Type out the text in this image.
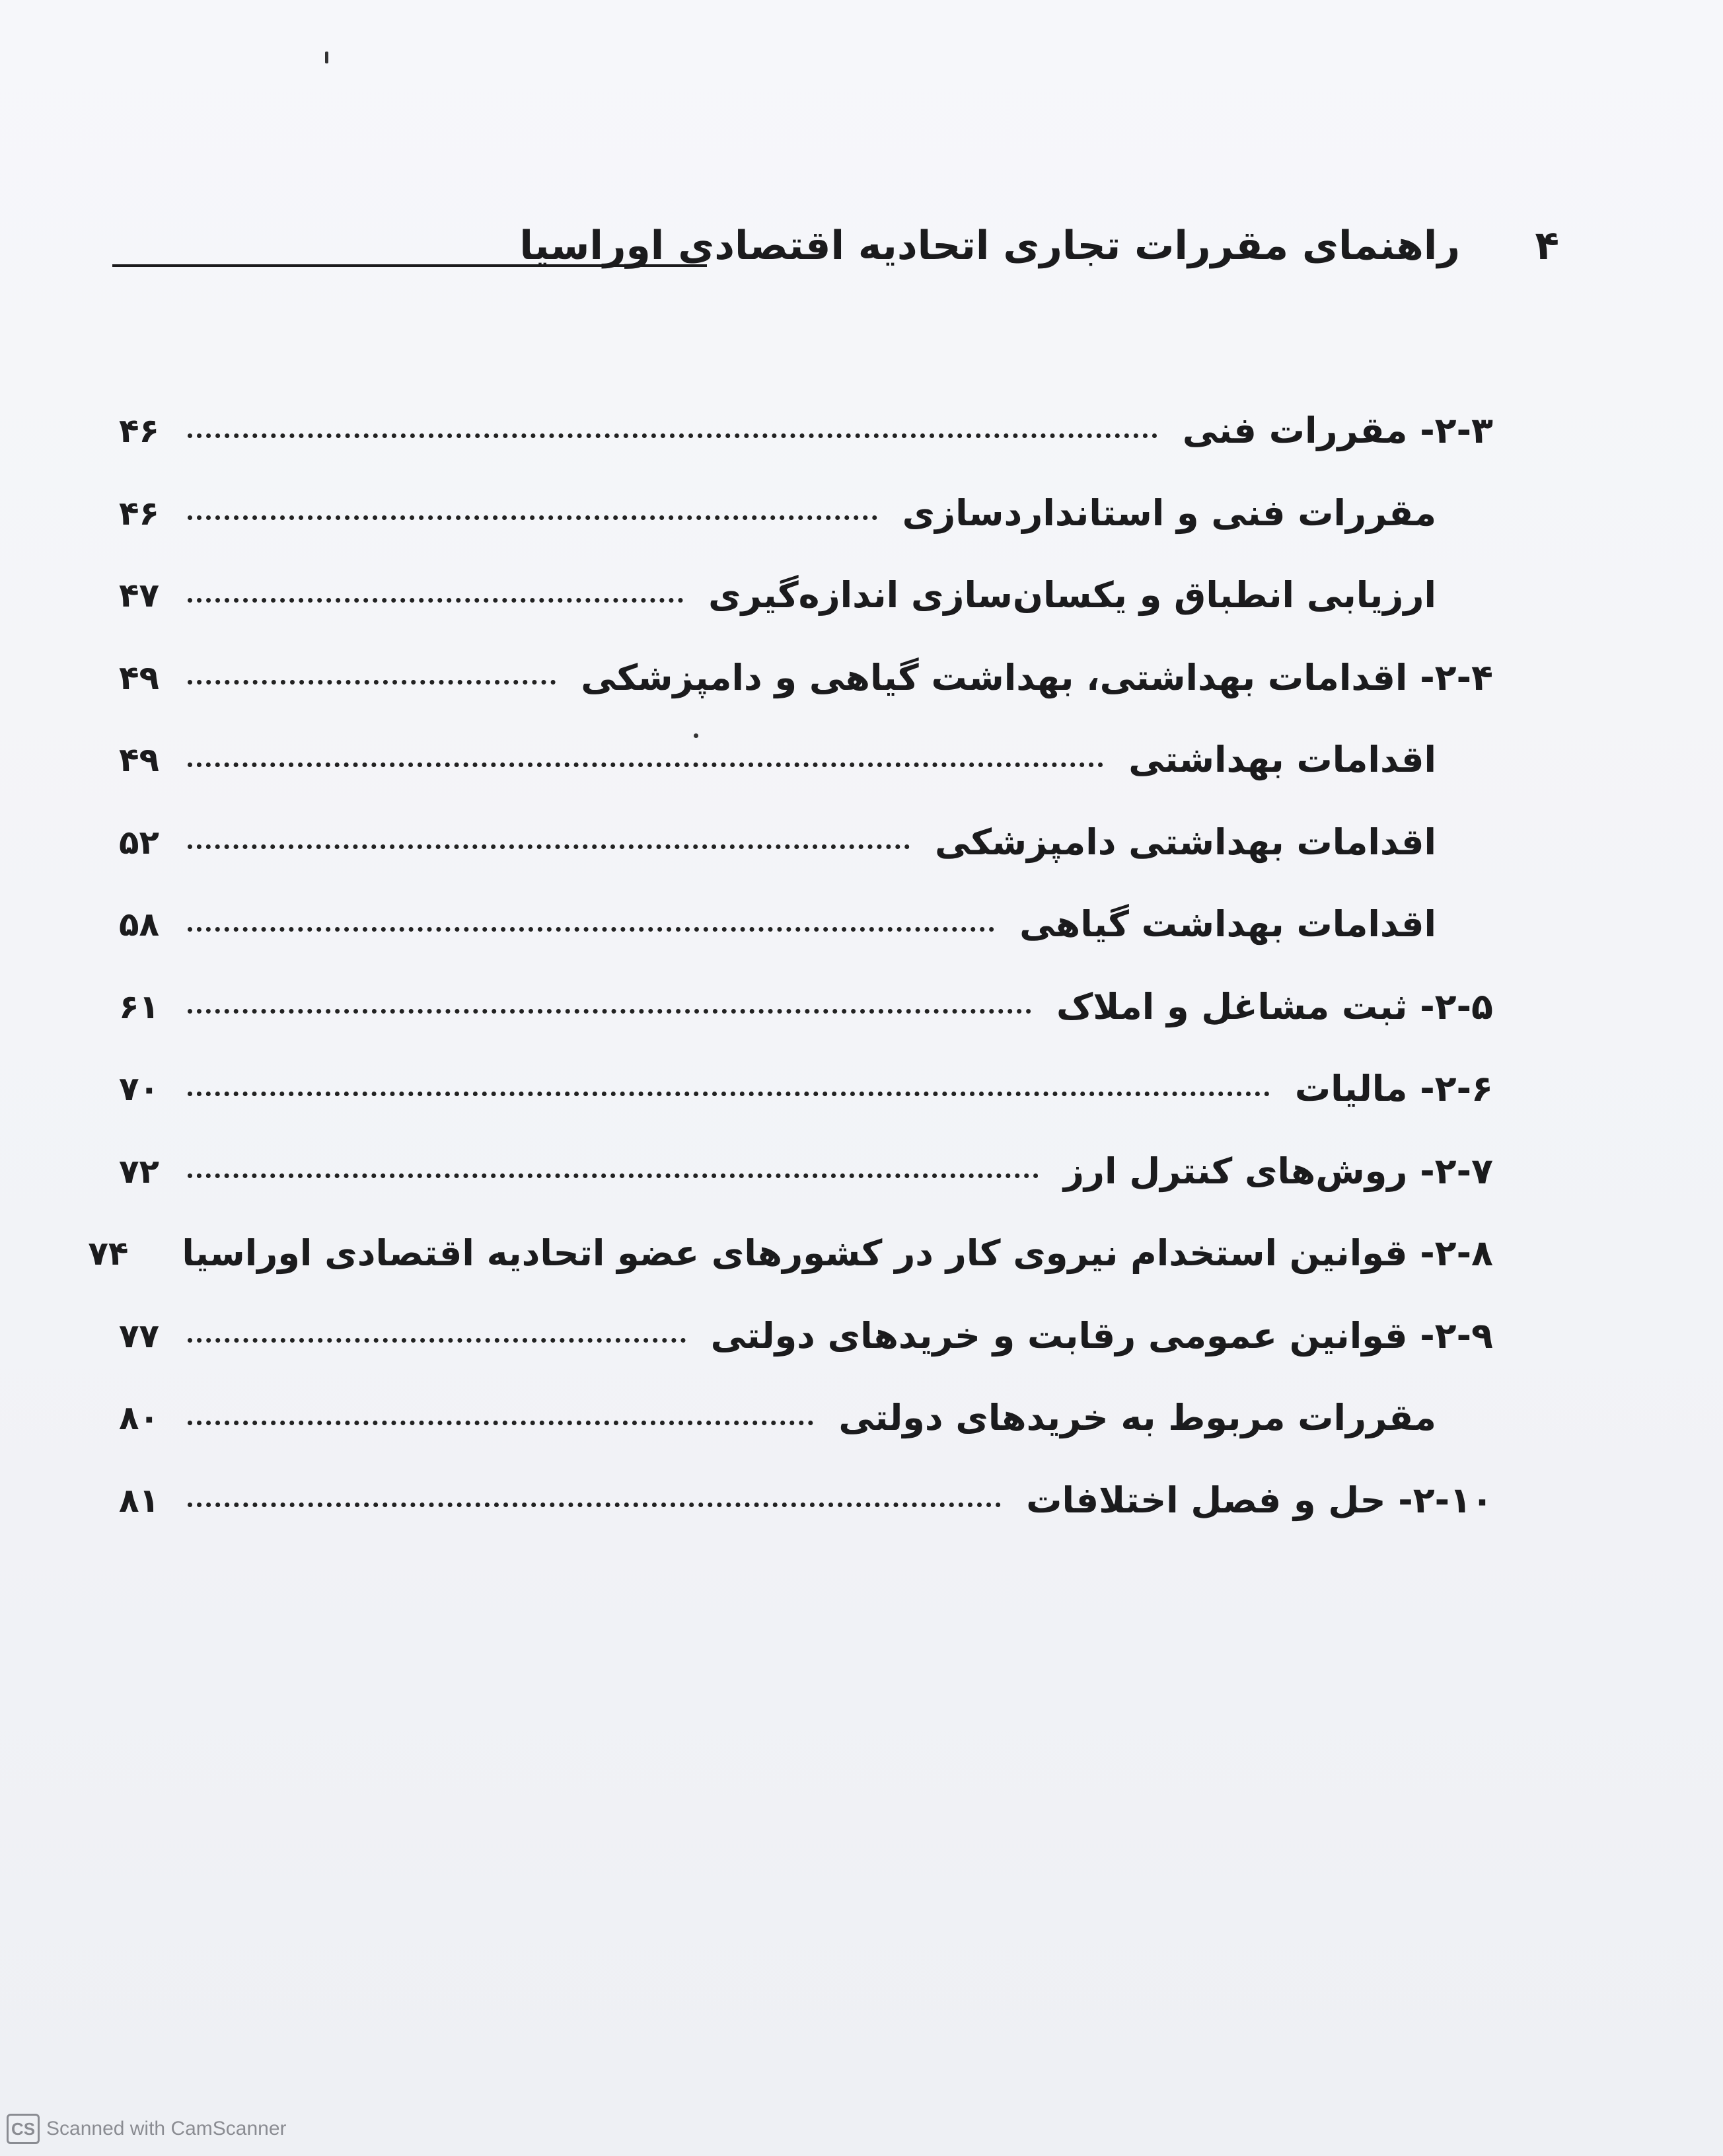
راهنمای مقررات تجاری اتحادیه اقتصادی اوراسیا ۴
۲-۳- مقررات فنی
۴۶
مقررات فنی و استانداردسازی
۴۶
ارزیابی انطباق و یکسان‌سازی اندازه‌گیری
۴۷
۲-۴- اقدامات بهداشتی، بهداشت گیاهی و دامپزشکی
۴۹
اقدامات بهداشتی
۴۹
اقدامات بهداشتی دامپزشکی
۵۲
اقدامات بهداشت گیاهی
۵۸
۲-۵- ثبت مشاغل و املاک
۶۱
۲-۶- مالیات
۷۰
۲-۷- روش‌های کنترل ارز
۷۲
۲-۸- قوانین استخدام نیروی کار در کشورهای عضو اتحادیه اقتصادی اوراسیا
۷۴
۲-۹- قوانین عمومی رقابت و خریدهای دولتی
۷۷
مقررات مربوط به خریدهای دولتی
۸۰
۲-۱۰- حل و فصل اختلافات
۸۱
CS Scanned with CamScanner
